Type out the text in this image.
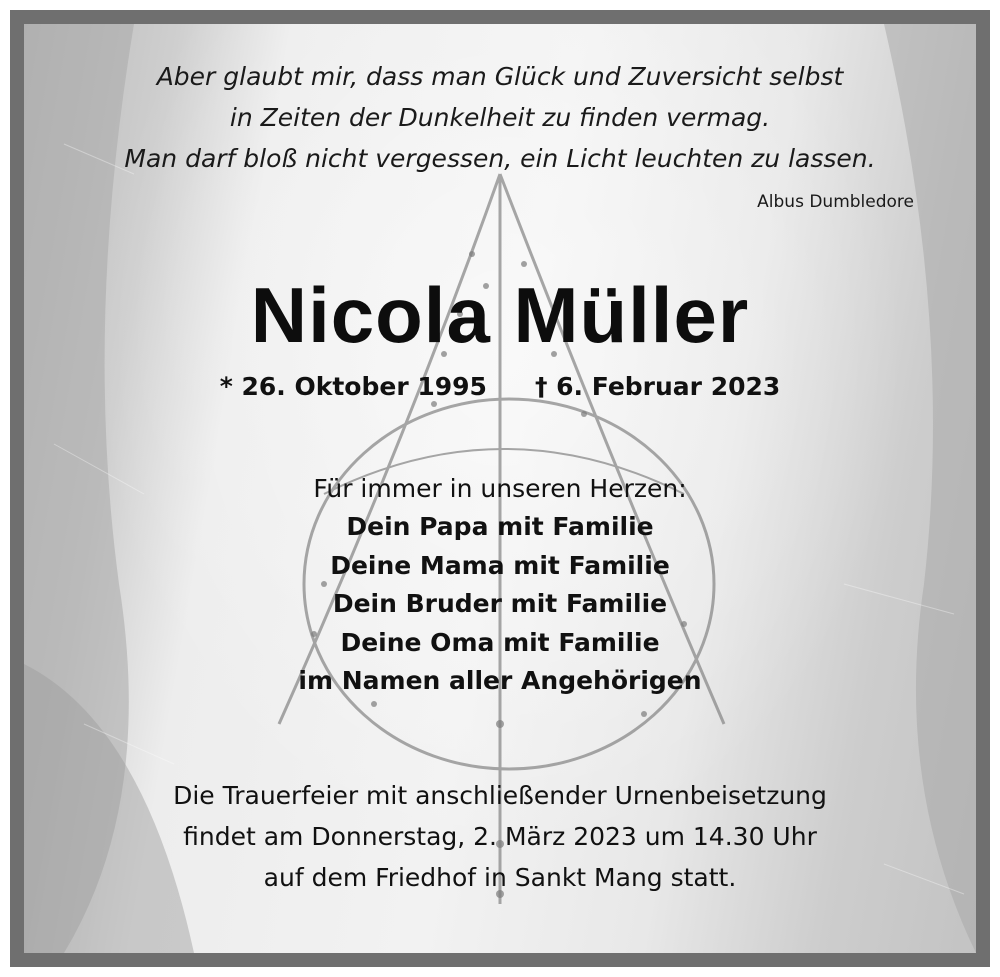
Aber glaubt mir, dass man Glück und Zuversicht selbst
in Zeiten der Dunkelheit zu finden vermag.
Man darf bloß nicht vergessen, ein Licht leuchten zu lassen.

Albus Dumbledore

Nicola Müller
* 26. Oktober 1995 † 6. Februar 2023
Für immer in unseren Herzen:
Dein Papa mit Familie
Deine Mama mit Familie
Dein Bruder mit Familie
Deine Oma mit Familie
im Namen aller Angehörigen
Die Trauerfeier mit anschließender Urnenbeisetzung
findet am Donnerstag, 2. März 2023 um 14.30 Uhr
auf dem Friedhof in Sankt Mang statt.
